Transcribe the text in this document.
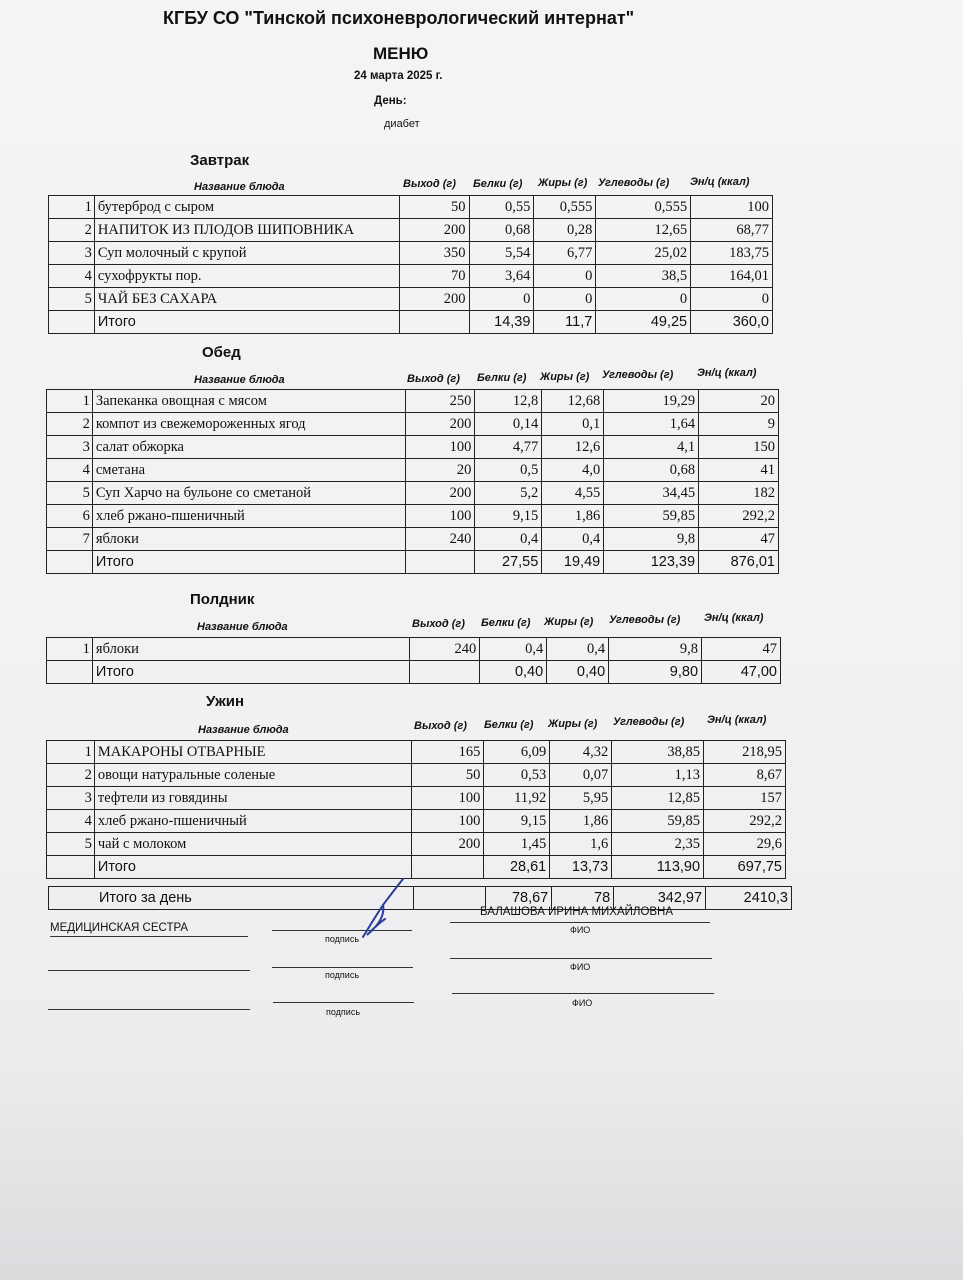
КГБУ СО "Тинской психоневрологический интернат"
МЕНЮ
24 марта 2025 г.
День:
диабет
Завтрак
Название блюда	Выход (г) Белки (г) Жиры (г) Углеводы (г) Эн/ц (ккал)
1	бутерброд с сыром	50	0,55	0,555	0,555	100
2	НАПИТОК ИЗ ПЛОДОВ ШИПОВНИКА	200	0,68	0,28	12,65	68,77
3	Суп молочный с крупой	350	5,54	6,77	25,02	183,75
4	сухофрукты пор.	70	3,64	0	38,5	164,01
5	ЧАЙ БЕЗ САХАРА	200	0	0	0	0
	Итого		14,39	11,7	49,25	360,0
Обед
Название блюда	Выход (г) Белки (г) Жиры (г) Углеводы (г) Эн/ц (ккал)
1	Запеканка овощная с мясом	250	12,8	12,68	19,29	20
2	компот из свежемороженных ягод	200	0,14	0,1	1,64	9
3	салат обжорка	100	4,77	12,6	4,1	150
4	сметана	20	0,5	4,0	0,68	41
5	Суп Харчо на бульоне со сметаной	200	5,2	4,55	34,45	182
6	хлеб ржано-пшеничный	100	9,15	1,86	59,85	292,2
7	яблоки	240	0,4	0,4	9,8	47
	Итого		27,55	19,49	123,39	876,01
Полдник
Название блюда	Выход (г) Белки (г) Жиры (г) Углеводы (г) Эн/ц (ккал)
1	яблоки	240	0,4	0,4	9,8	47
	Итого		0,40	0,40	9,80	47,00
Ужин
Название блюда	Выход (г) Белки (г) Жиры (г) Углеводы (г) Эн/ц (ккал)
1	МАКАРОНЫ ОТВАРНЫЕ	165	6,09	4,32	38,85	218,95
2	овощи натуральные соленые	50	0,53	0,07	1,13	8,67
3	тефтели из говядины	100	11,92	5,95	12,85	157
4	хлеб ржано-пшеничный	100	9,15	1,86	59,85	292,2
5	чай с молоком	200	1,45	1,6	2,35	29,6
	Итого		28,61	13,73	113,90	697,75
Итого за день		78,67	78	342,97	2410,3
МЕДИЦИНСКАЯ СЕСТРА
БАЛАШОВА ИРИНА МИХАЙЛОВНА
подпись
ФИО
подпись
ФИО
подпись
ФИО
